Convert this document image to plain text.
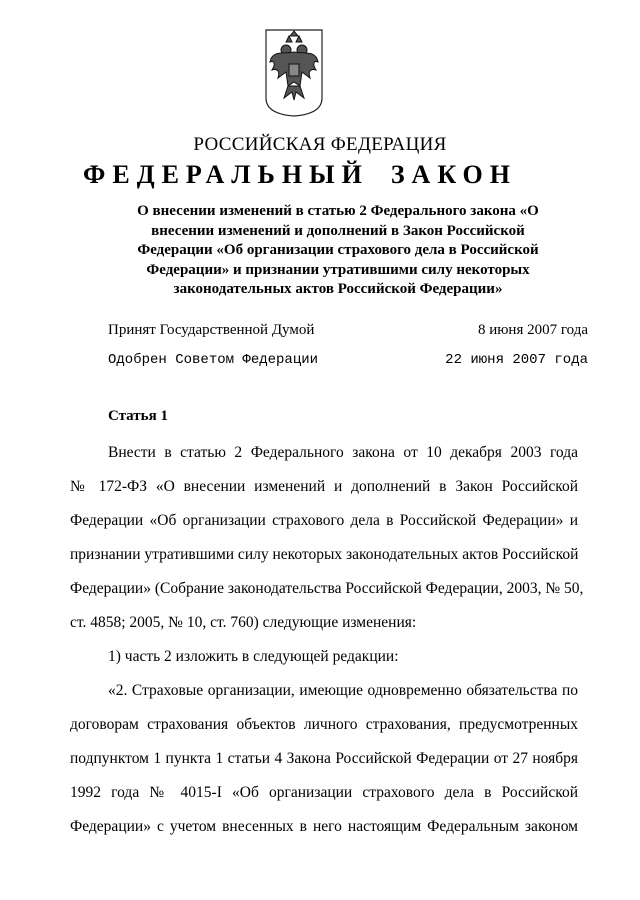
РОССИЙСКАЯ ФЕДЕРАЦИЯ
ФЕДЕРАЛЬНЫЙ ЗАКОН
О внесении изменений в статью 2 Федерального закона «О
внесении изменений и дополнений в Закон Российской
Федерации «Об организации страхового дела в Российской
Федерации» и признании утратившими силу некоторых
законодательных актов Российской Федерации»
Принят Государственной Думой	8 июня 2007 года
Одобрен Советом Федерации	22 июня 2007 года
Статья 1
Внести в статью 2 Федерального закона от 10 декабря 2003 года
№ 172-ФЗ «О внесении изменений и дополнений в Закон Российской
Федерации «Об организации страхового дела в Российской Федерации» и
признании утратившими силу некоторых законодательных актов Российской
Федерации» (Собрание законодательства Российской Федерации, 2003, № 50,
ст. 4858; 2005, № 10, ст. 760) следующие изменения:
1) часть 2 изложить в следующей редакции:
«2. Страховые организации, имеющие одновременно обязательства по
договорам страхования объектов личного страхования, предусмотренных
подпунктом 1 пункта 1 статьи 4 Закона Российской Федерации от 27 ноября
1992 года № 4015-I «Об организации страхового дела в Российской
Федерации» с учетом внесенных в него настоящим Федеральным законом
